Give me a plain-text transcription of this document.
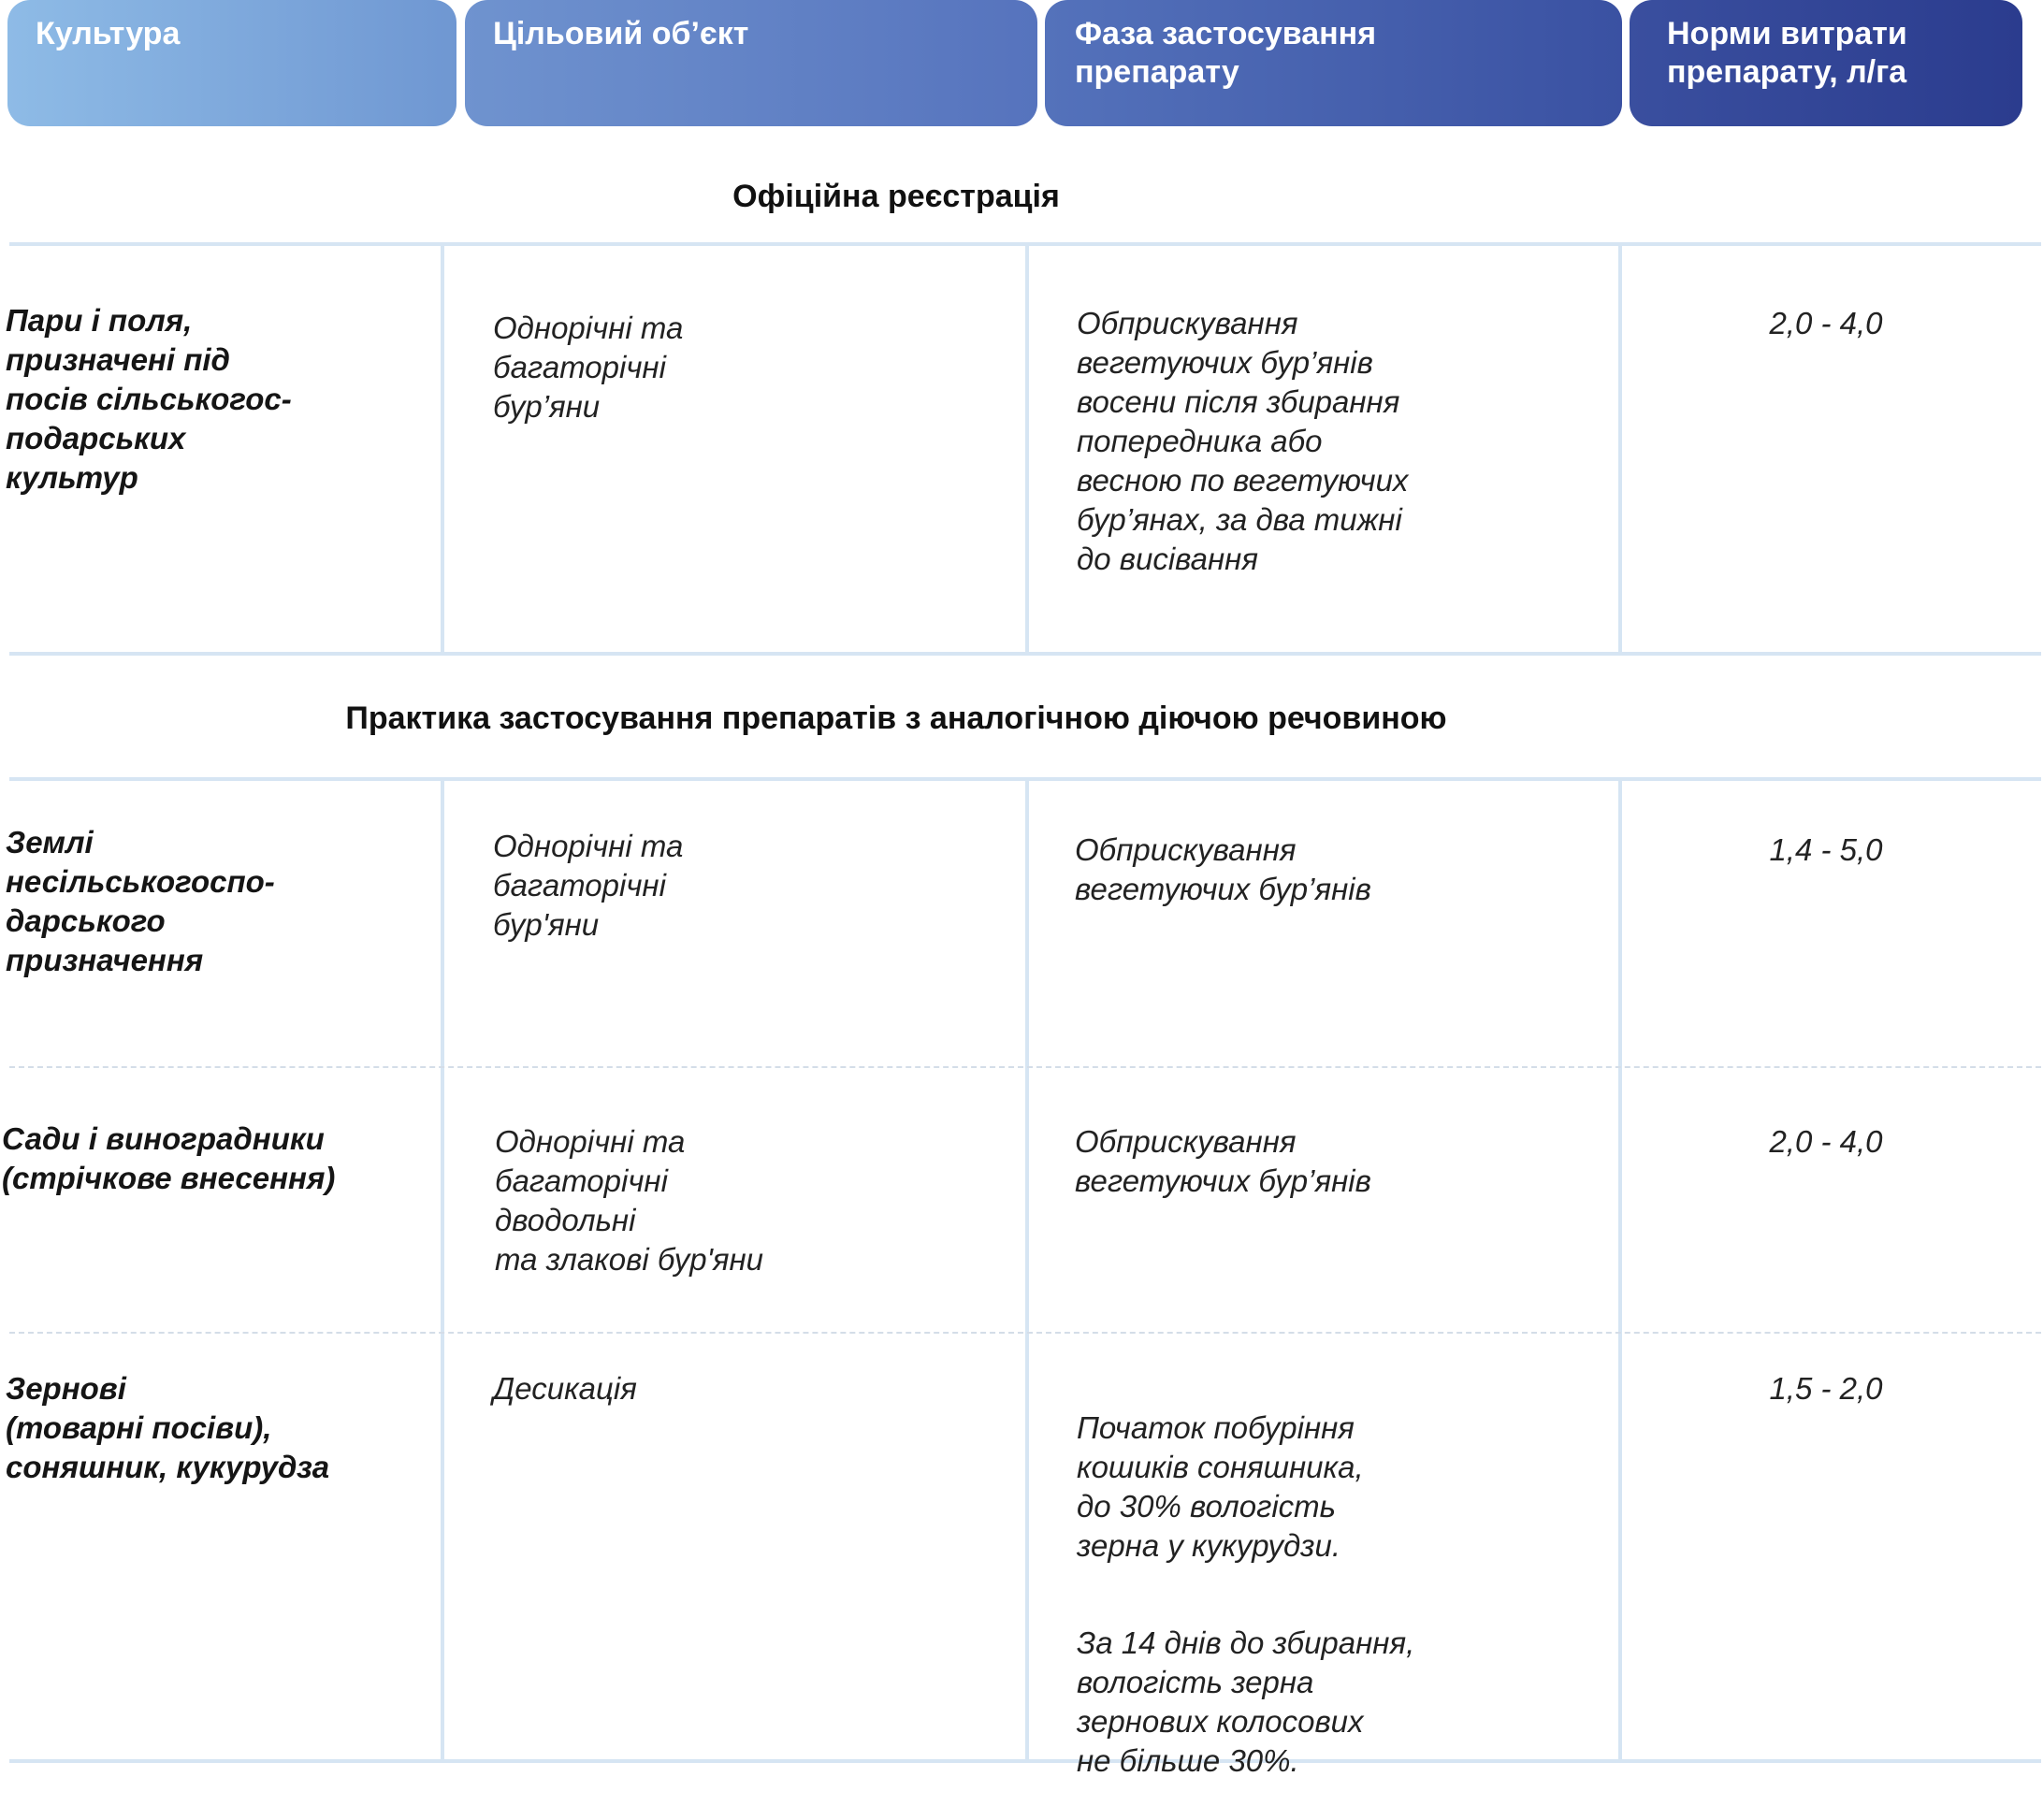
Культура	Цільовий об’єкт	Фаза застосування
препарату
Норми витрати
препарату, л/га
Офіційна реєстрація
Пари і поля,
призначені під
посів сільськогос-
подарських
культур
Однорічні та
багаторічні
бур’яни
Обприскування
вегетуючих бур’янів
восени після збирання
попередника або
весною по вегетуючих
бур’янах, за два тижні
до висівання
2,0 - 4,0
Практика застосування препаратів з аналогічною діючою речовиною
Землі
несільськогоспо-
дарського
призначення
Однорічні та
багаторічні
бур'яни
Обприскування
вегетуючих бур’янів
1,4 - 5,0
Сади і виноградники
(стрічкове внесення)
Однорічні та
багаторічні
дводольні
та злакові бур'яни
Обприскування
вегетуючих бур’янів
2,0 - 4,0
Зернові
(товарні посіви),
соняшник, кукурудза
Десикація

Початок побуріння
кошиків соняшника,
до 30% вологість
зерна у кукурудзи.

За 14 днів до збирання,
вологість зерна
зернових колосових
не більше 30%.

1,5 - 2,0
